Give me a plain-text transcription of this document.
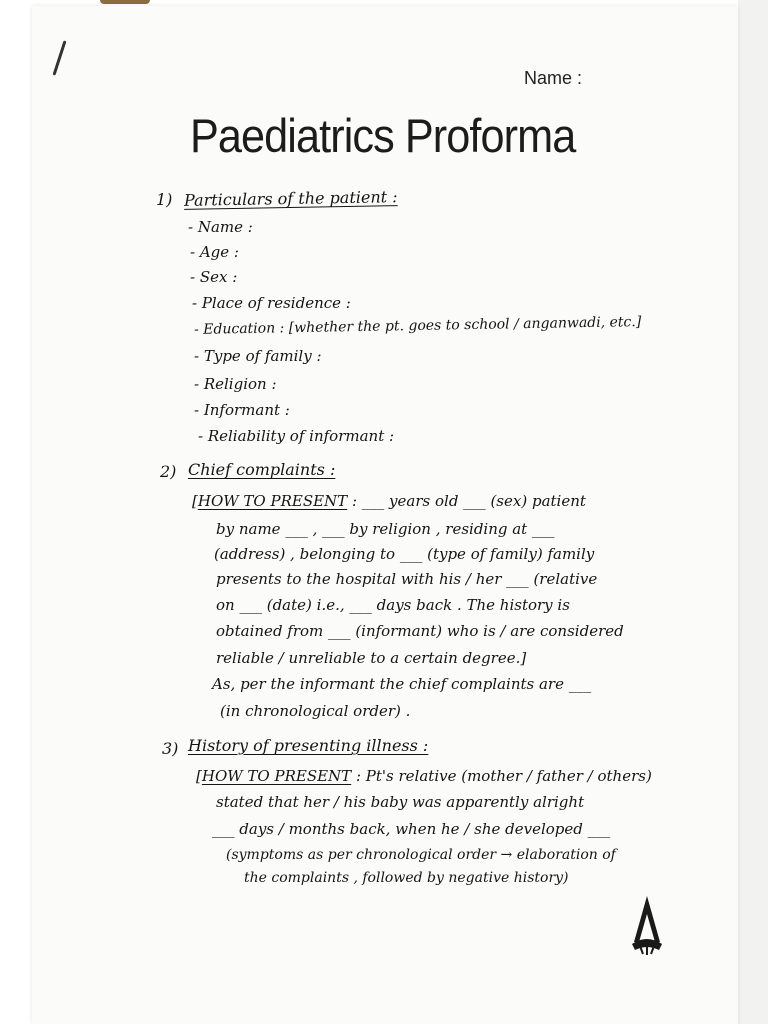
Name :
Paediatrics Proforma
1) Particulars of the patient :
- Name :
- Age :
- Sex :
- Place of residence :
- Education : [whether the pt. goes to school / anganwadi, etc.]
- Type of family :
- Religion :
- Informant :
- Reliability of informant :
2) Chief complaints :
[HOW TO PRESENT : ___ years old ___ (sex) patient
by name ___ , ___ by religion , residing at ___
(address) , belonging to ___ (type of family) family
presents to the hospital with his / her ___ (relative
on ___ (date) i.e., ___ days back . The history is
obtained from ___ (informant) who is / are considered
reliable / unreliable to a certain degree.]
As, per the informant the chief complaints are ___
(in chronological order) .
3) History of presenting illness :
[HOW TO PRESENT : Pt's relative (mother / father / others)
stated that her / his baby was apparently alright
___ days / months back, when he / she developed ___
(symptoms as per chronological order → elaboration of
the complaints , followed by negative history)
